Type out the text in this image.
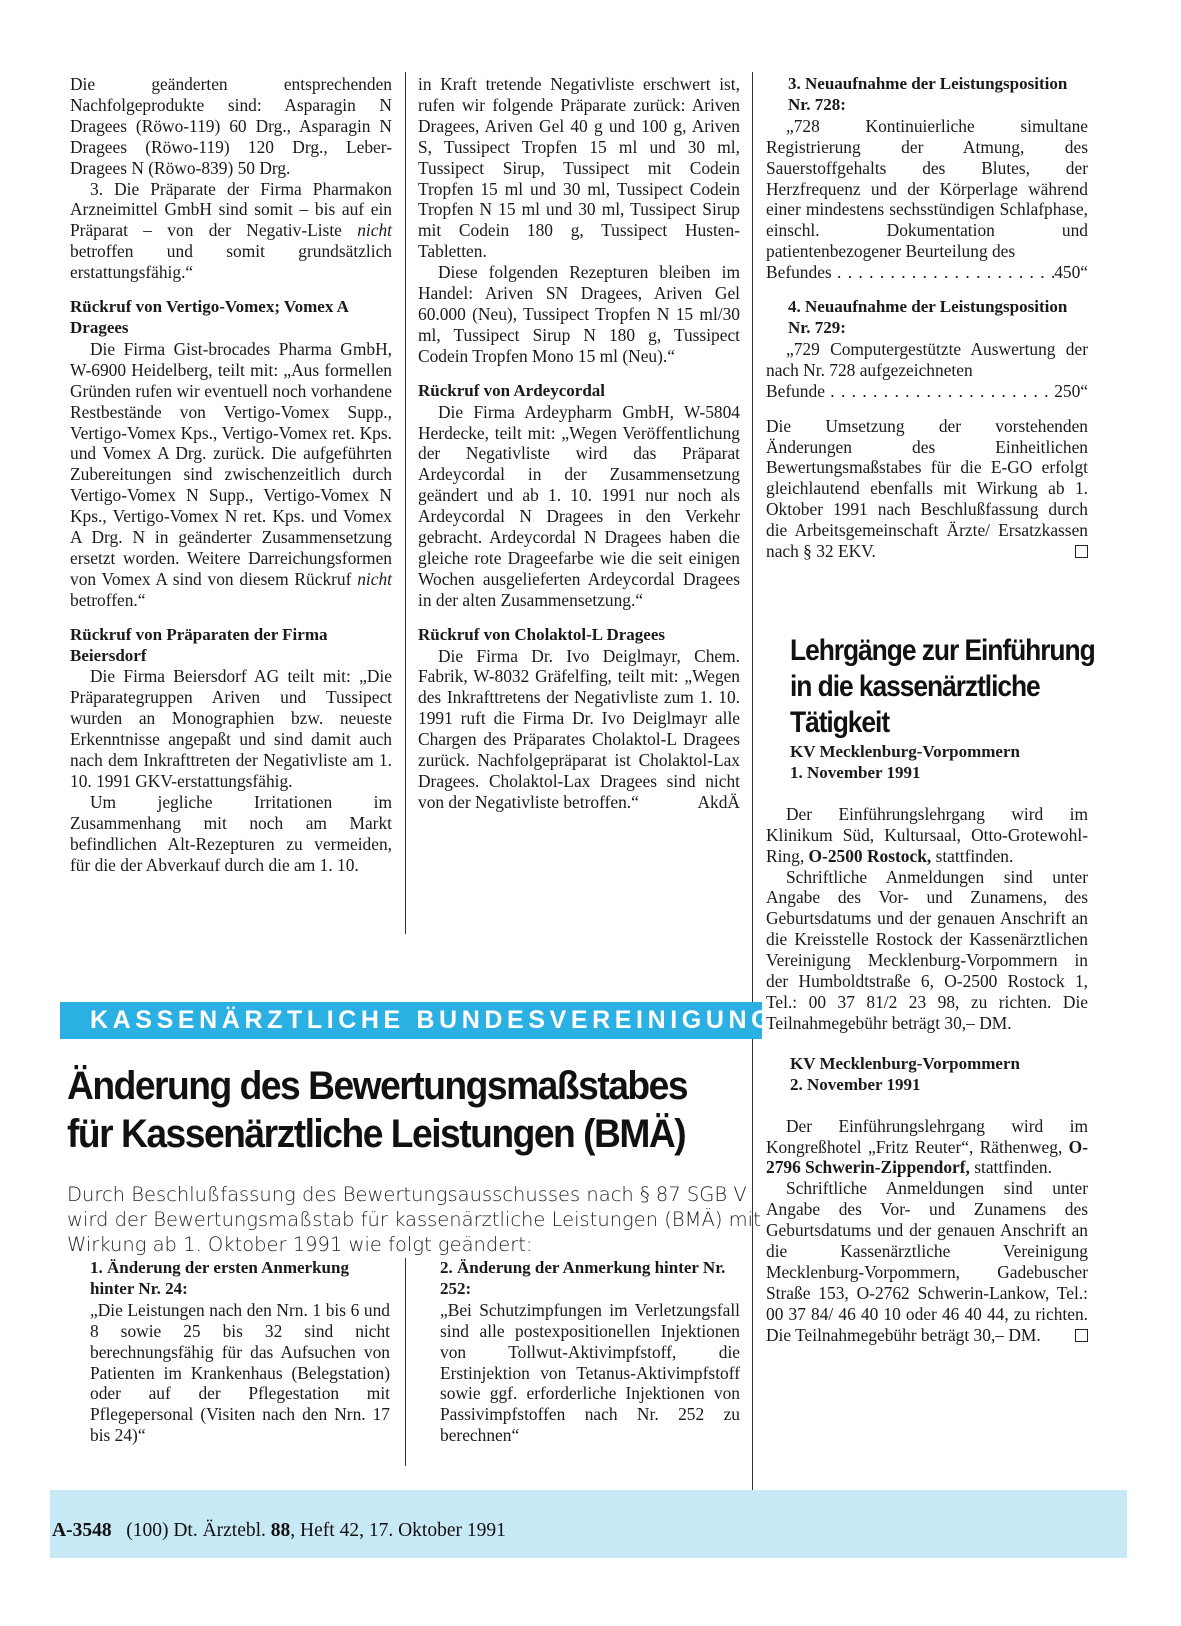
Die geänderten entsprechenden Nachfolgeprodukte sind: Asparagin N Dragees (Röwo-119) 60 Drg., Asparagin N Dragees (Röwo-119) 120 Drg., Leber-Dragees N (Röwo-839) 50 Drg.

3. Die Präparate der Firma Pharmakon Arzneimittel GmbH sind somit – bis auf ein Präparat – von der Negativ-Liste nicht betroffen und somit grundsätzlich erstattungsfähig.“

Rückruf von Vertigo-Vomex; Vomex A Dragees

Die Firma Gist-brocades Pharma GmbH, W-6900 Heidelberg, teilt mit: „Aus formellen Gründen rufen wir eventuell noch vorhandene Restbestände von Vertigo-Vomex Supp., Vertigo-Vomex Kps., Vertigo-Vomex ret. Kps. und Vomex A Drg. zurück. Die aufgeführten Zubereitungen sind zwischenzeitlich durch Vertigo-Vomex N Supp., Vertigo-Vomex N Kps., Vertigo-Vomex N ret. Kps. und Vomex A Drg. N in geänderter Zusammensetzung ersetzt worden. Weitere Darreichungsformen von Vomex A sind von diesem Rückruf nicht betroffen.“

Rückruf von Präparaten der Firma Beiersdorf

Die Firma Beiersdorf AG teilt mit: „Die Präparategruppen Ariven und Tussipect wurden an Monographien bzw. neueste Erkenntnisse angepaßt und sind damit auch nach dem Inkrafttreten der Negativliste am 1. 10. 1991 GKV-erstattungsfähig.

Um jegliche Irritationen im Zusammenhang mit noch am Markt befindlichen Alt-Rezepturen zu vermeiden, für die der Abverkauf durch die am 1. 10.

in Kraft tretende Negativliste erschwert ist, rufen wir folgende Präparate zurück: Ariven Dragees, Ariven Gel 40 g und 100 g, Ariven S, Tussipect Tropfen 15 ml und 30 ml, Tussipect Sirup, Tussipect mit Codein Tropfen 15 ml und 30 ml, Tussipect Codein Tropfen N 15 ml und 30 ml, Tussipect Sirup mit Codein 180 g, Tussipect Husten-Tabletten.

Diese folgenden Rezepturen bleiben im Handel: Ariven SN Dragees, Ariven Gel 60.000 (Neu), Tussipect Tropfen N 15 ml/30 ml, Tussipect Sirup N 180 g, Tussipect Codein Tropfen Mono 15 ml (Neu).“

Rückruf von Ardeycordal

Die Firma Ardeypharm GmbH, W-5804 Herdecke, teilt mit: „Wegen Veröffentlichung der Negativliste wird das Präparat Ardeycordal in der Zusammensetzung geändert und ab 1. 10. 1991 nur noch als Ardeycordal N Dragees in den Verkehr gebracht. Ardeycordal N Dragees haben die gleiche rote Drageefarbe wie die seit einigen Wochen ausgelieferten Ardeycordal Dragees in der alten Zusammensetzung.“

Rückruf von Cholaktol-L Dragees

Die Firma Dr. Ivo Deiglmayr, Chem. Fabrik, W-8032 Gräfelfing, teilt mit: „Wegen des Inkrafttretens der Negativliste zum 1. 10. 1991 ruft die Firma Dr. Ivo Deiglmayr alle Chargen des Präparates Cholaktol-L Dragees zurück. Nachfolgepräparat ist Cholaktol-Lax Dragees. Cholaktol-Lax Dragees sind nicht von der Negativliste betroffen.“	AkdÄ

3. Neuaufnahme der Leistungsposition Nr. 728:

„728 Kontinuierliche simultane Registrierung der Atmung, des Sauerstoffgehalts des Blutes, der Herzfrequenz und der Körperlage während einer mindestens sechsstündigen Schlafphase, einschl. Dokumentation und patientenbezogener Beurteilung des

Befundes . . .	450“
4. Neuaufnahme der Leistungsposition Nr. 729:

„729 Computergestützte Auswertung der nach Nr. 728 aufgezeichneten

Befunde . . .	250“

Die Umsetzung der vorstehenden Änderungen des Einheitlichen Bewertungsmaßstabes für die E-GO erfolgt gleichlautend ebenfalls mit Wirkung ab 1. Oktober 1991 nach Beschlußfassung durch die Arbeitsgemeinschaft Ärzte/ Ersatzkassen nach § 32 EKV.

Lehrgänge zur Einführung in die kassenärztliche Tätigkeit
KV Mecklenburg-Vorpommern
1. November 1991

Der Einführungslehrgang wird im Klinikum Süd, Kultursaal, Otto-Grotewohl-Ring, O-2500 Rostock, stattfinden.

Schriftliche Anmeldungen sind unter Angabe des Vor- und Zunamens, des Geburtsdatums und der genauen Anschrift an die Kreisstelle Rostock der Kassenärztlichen Vereinigung Mecklenburg-Vorpommern in der Humboldtstraße 6, O-2500 Rostock 1, Tel.: 00 37 81/2 23 98, zu richten. Die Teilnahmegebühr beträgt 30,– DM.

KV Mecklenburg-Vorpommern
2. November 1991

Der Einführungslehrgang wird im Kongreßhotel „Fritz Reuter“, Räthenweg, O-2796 Schwerin-Zippendorf, stattfinden.

Schriftliche Anmeldungen sind unter Angabe des Vor- und Zunamens des Geburtsdatums und der genauen Anschrift an die Kassenärztliche Vereinigung Mecklenburg-Vorpommern, Gadebuscher Straße 153, O-2762 Schwerin-Lankow, Tel.: 00 37 84/ 46 40 10 oder 46 40 44, zu richten. Die Teilnahmegebühr beträgt 30,– DM.

KASSENÄRZTLICHE BUNDESVEREINIGUNG
Änderung des Bewertungsmaßstabes für Kassenärztliche Leistungen (BMÄ)
Durch Beschlußfassung des Bewertungsausschusses nach § 87 SGB V wird der Bewertungsmaßstab für kassenärztliche Leistungen (BMÄ) mit Wirkung ab 1. Oktober 1991 wie folgt geändert:
1. Änderung der ersten Anmerkung hinter Nr. 24:

„Die Leistungen nach den Nrn. 1 bis 6 und 8 sowie 25 bis 32 sind nicht berechnungsfähig für das Aufsuchen von Patienten im Krankenhaus (Belegstation) oder auf der Pflegestation mit Pflegepersonal (Visiten nach den Nrn. 17 bis 24)“

2. Änderung der Anmerkung hinter Nr. 252:

„Bei Schutzimpfungen im Verletzungsfall sind alle postexpositionellen Injektionen von Tollwut-Aktivimpfstoff, die Erstinjektion von Tetanus-Aktivimpfstoff sowie ggf. erforderliche Injektionen von Passivimpfstoffen nach Nr. 252 zu berechnen“

A-3548 (100) Dt. Ärztebl. 88, Heft 42, 17. Oktober 1991
